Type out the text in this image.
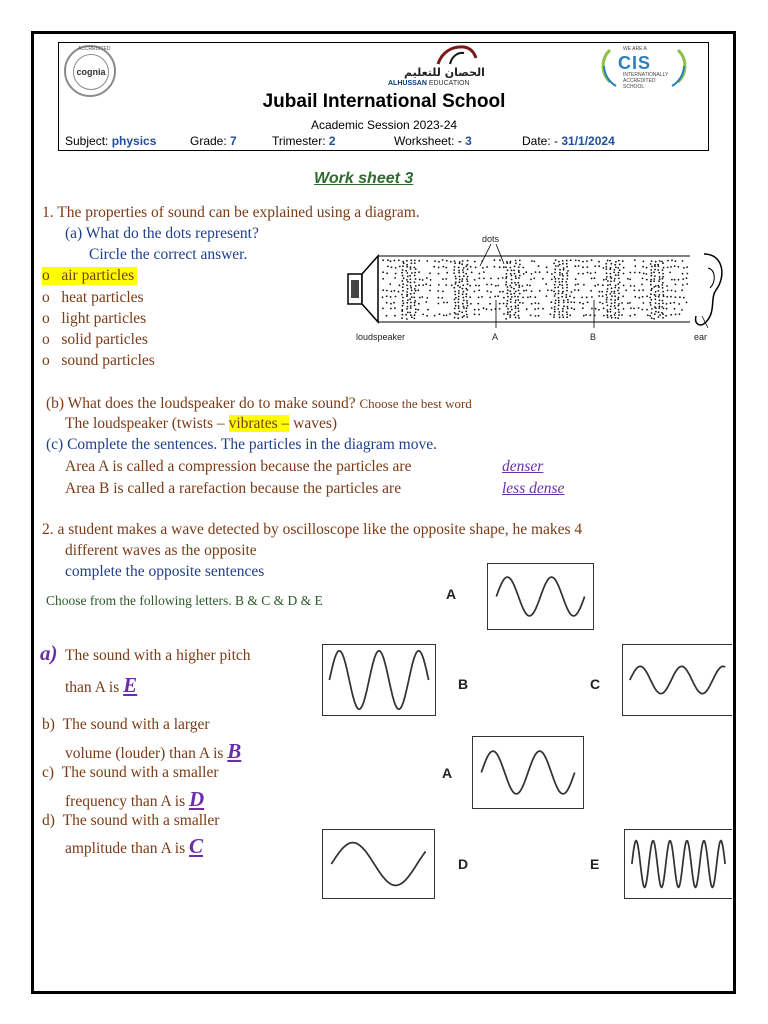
ACCREDITED
cognia	الحصان للتعليم
ALHUSSAN EDUCATION
WE ARE A
CIS
INTERNATIONALLY
ACCREDITED
SCHOOL
Jubail International School
Academic Session 2023-24
Subject: physics	Grade: 7	Trimester: 2	Worksheet: - 3	Date: - 31/1/2024
Work sheet 3
1. The properties of sound can be explained using a diagram.
(a) What do the dots represent?
Circle the correct answer.
o air particles
o heat particles
o light particles
o solid particles
o sound particles
dots
loudspeaker	A	B	ear
(b) What does the loudspeaker do to make sound? Choose the best word
The loudspeaker (twists – vibrates – waves)
(c) Complete the sentences. The particles in the diagram move.
Area A is called a compression because the particles are	denser
Area B is called a rarefaction because the particles are	less dense
2. a student makes a wave detected by oscilloscope like the opposite shape, he makes 4
different waves as the opposite
complete the opposite sentences
Choose from the following letters. B & C & D & E	A
B	C
A
D	E
a) The sound with a higher pitch
than A is E
b) The sound with a larger
volume (louder) than A is B
c) The sound with a smaller
frequency than A is D
d) The sound with a smaller
amplitude than A is C
